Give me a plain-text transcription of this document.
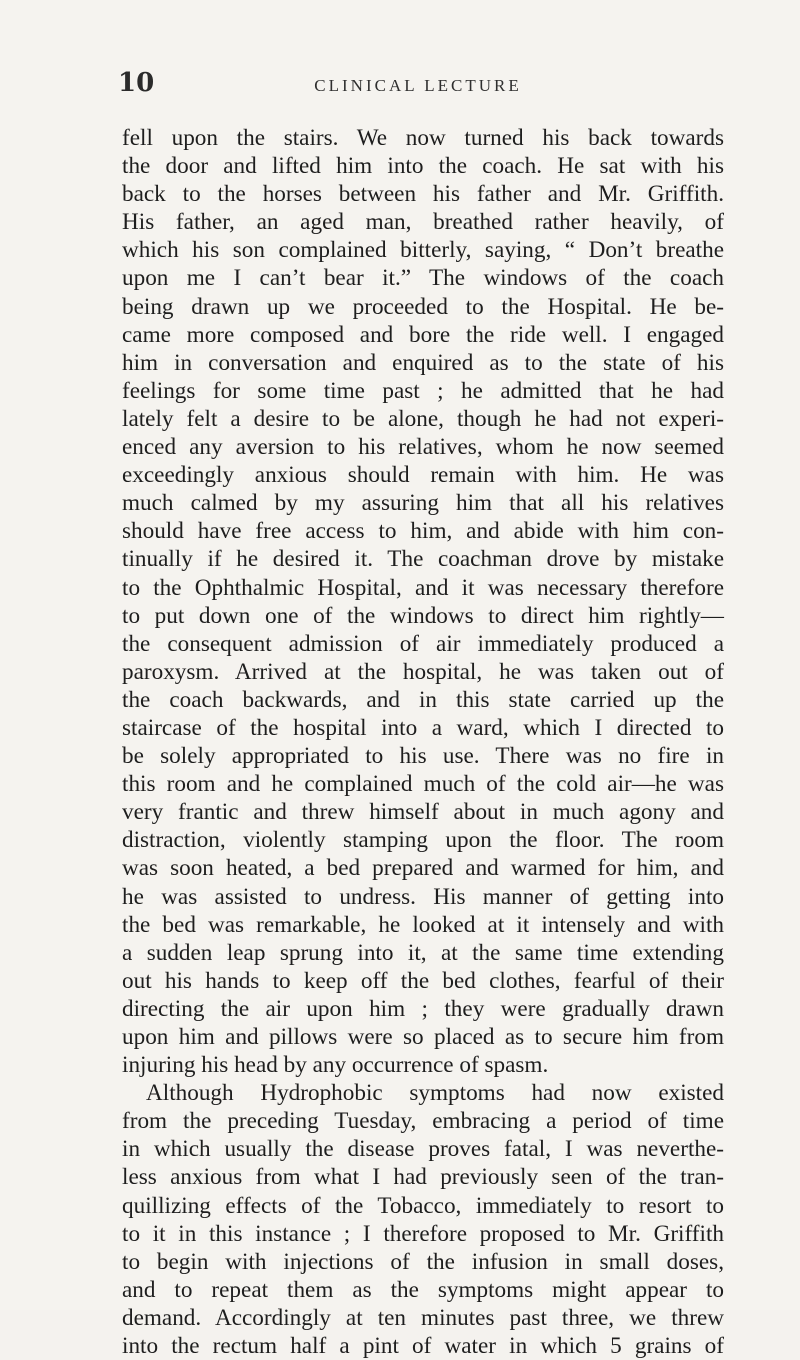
10	CLINICAL LECTURE
fell upon the stairs. We now turned his back towards
the door and lifted him into the coach. He sat with his
back to the horses between his father and Mr. Griffith.
His father, an aged man, breathed rather heavily, of
which his son complained bitterly, saying, “ Don’t breathe
upon me I can’t bear it.” The windows of the coach
being drawn up we proceeded to the Hospital. He be-
came more composed and bore the ride well. I engaged
him in conversation and enquired as to the state of his
feelings for some time past ; he admitted that he had
lately felt a desire to be alone, though he had not experi-
enced any aversion to his relatives, whom he now seemed
exceedingly anxious should remain with him. He was
much calmed by my assuring him that all his relatives
should have free access to him, and abide with him con-
tinually if he desired it. The coachman drove by mistake
to the Ophthalmic Hospital, and it was necessary therefore
to put down one of the windows to direct him rightly—
the consequent admission of air immediately produced a
paroxysm. Arrived at the hospital, he was taken out of
the coach backwards, and in this state carried up the
staircase of the hospital into a ward, which I directed to
be solely appropriated to his use. There was no fire in
this room and he complained much of the cold air—he was
very frantic and threw himself about in much agony and
distraction, violently stamping upon the floor. The room
was soon heated, a bed prepared and warmed for him, and
he was assisted to undress. His manner of getting into
the bed was remarkable, he looked at it intensely and with
a sudden leap sprung into it, at the same time extending
out his hands to keep off the bed clothes, fearful of their
directing the air upon him ; they were gradually drawn
upon him and pillows were so placed as to secure him from
injuring his head by any occurrence of spasm.
Although Hydrophobic symptoms had now existed
from the preceding Tuesday, embracing a period of time
in which usually the disease proves fatal, I was neverthe-
less anxious from what I had previously seen of the tran-
quillizing effects of the Tobacco, immediately to resort to
to it in this instance ; I therefore proposed to Mr. Griffith
to begin with injections of the infusion in small doses,
and to repeat them as the symptoms might appear to
demand. Accordingly at ten minutes past three, we threw
into the rectum half a pint of water in which 5 grains of
